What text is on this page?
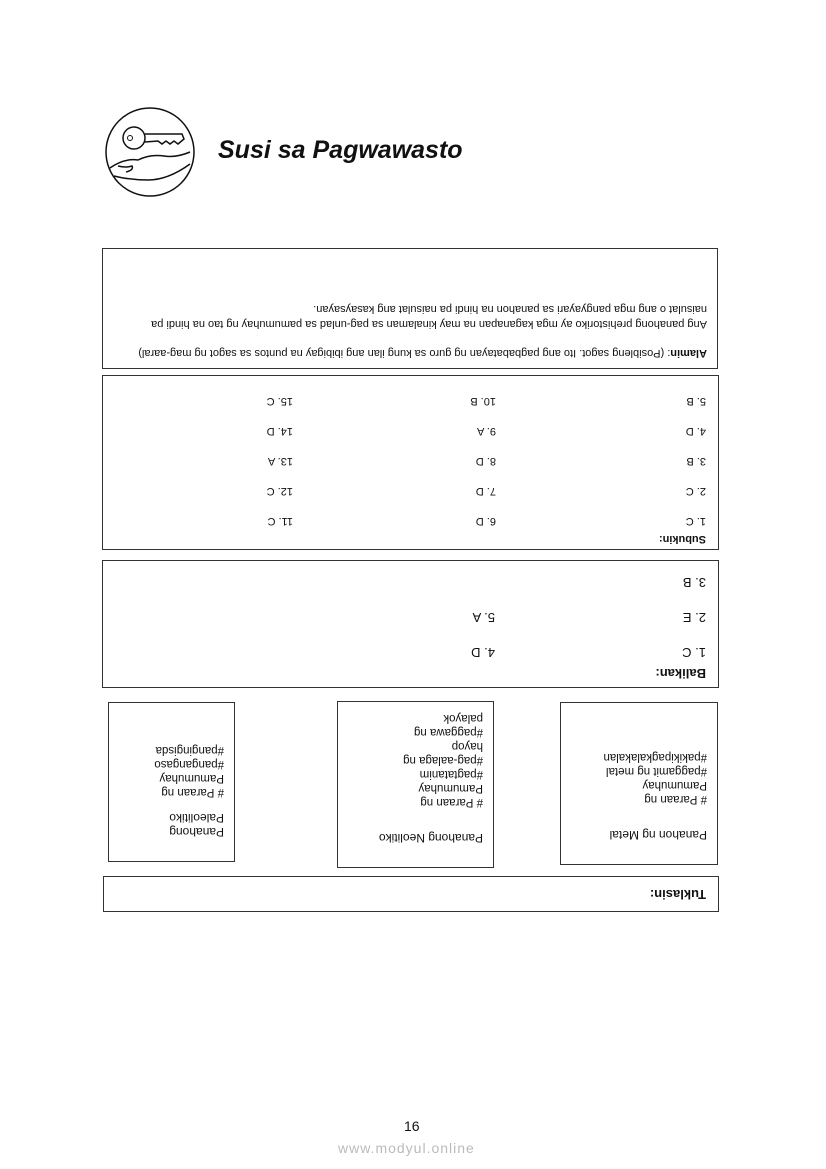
Susi sa Pagwawasto
Tuklasin:
Panahon ng Metal
# Paraan ng
Pamumuhay
#paggamit ng metal
#pakikipagkalakalan
Panahong Neolitiko
# Paraan ng
Pamumuhay
#pagtatanim
#pag-aalaga ng
hayop
#paggawa ng
palayok
Panahong Paleolitiko
# Paraan ng
Pamumuhay
#pangangaso
#pangingisda
Balikan:
1. C
2. E
3. B
4. D
5. A
Subukin:
1. C
2. C
3. B
4. D
5. B
6. D
7. D
8. D
9. A
10. B
11. C
12. C
13. A
14. D
15. C

Alamin: (Posibleng sagot. Ito ang pagbabatayan ng guro sa kung ilan ang ibibigay na puntos sa sagot ng mag-aaral)

Ang panahong prehistoriko ay mga kaganapan na may kinalaman sa pag-unlad sa pamumuhay ng tao na hindi pa naisulat o ang mga pangyayari sa panahon na hindi pa naisulat ang kasaysayan.

16
www.modyul.online
